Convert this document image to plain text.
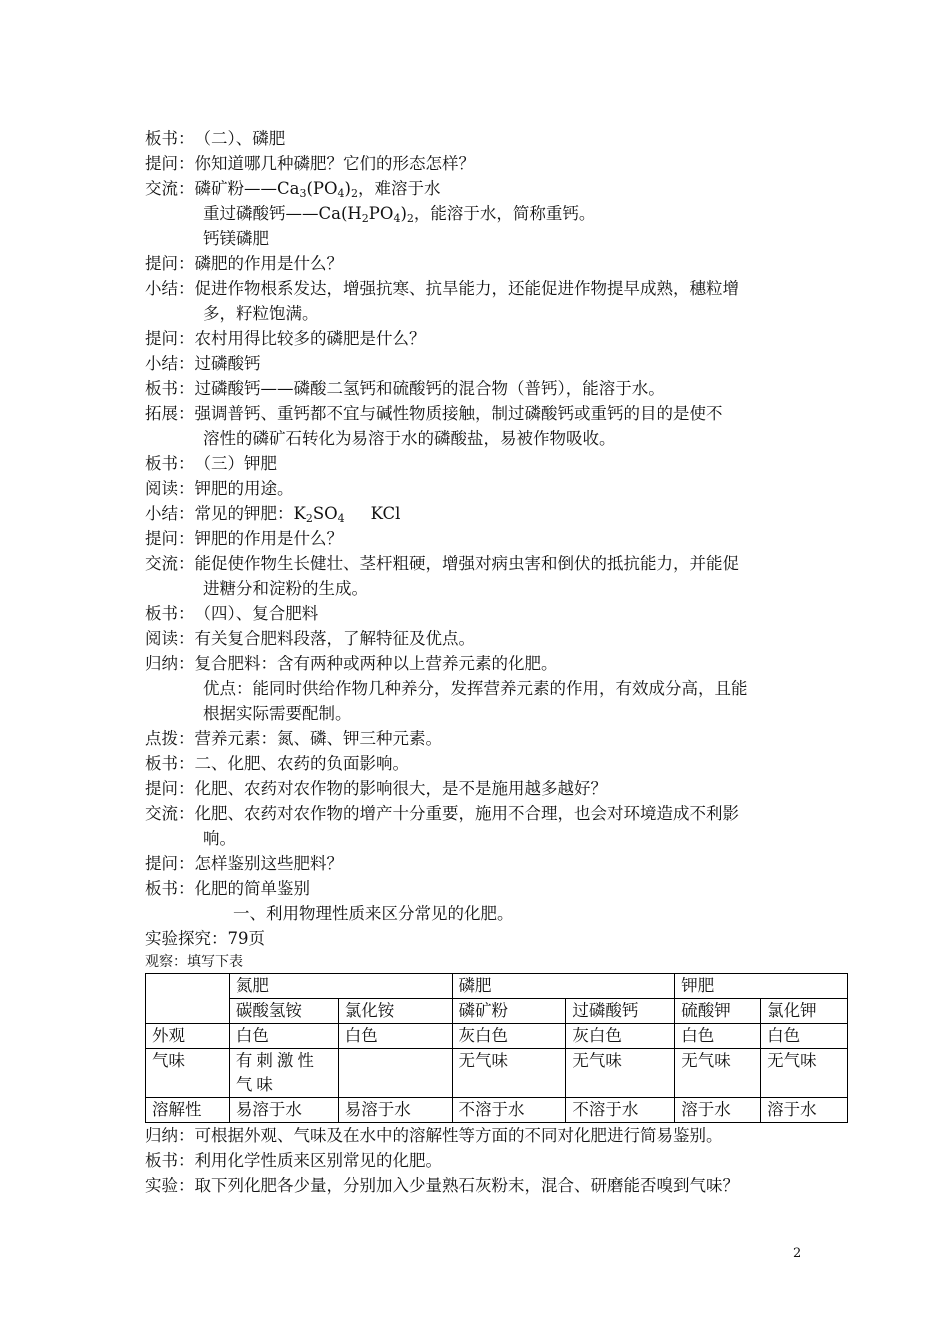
板书： （二）、磷肥
提问： 你知道哪几种磷肥？它们的形态怎样？
交流： 磷矿粉$——Ca_3(PO_4)_2$，难溶于水
重过磷酸钙$——Ca(H_2PO_4)_2$，能溶于水，简称重钙。
钙镁磷肥
提问： 磷肥的作用是什么？
小结： 促进作物根系发达，增强抗寒、抗旱能力，还能促进作物提早成熟，穗粒增
多，籽粒饱满。
提问： 农村用得比较多的磷肥是什么？
小结： 过磷酸钙
板书： 过磷酸钙——磷酸二氢钙和硫酸钙的混合物（普钙），能溶于水。
拓展： 强调普钙、重钙都不宜与碱性物质接触，制过磷酸钙或重钙的目的是使不
溶性的磷矿石转化为易溶于水的磷酸盐，易被作物吸收。
板书： （三）钾肥
阅读： 钾肥的用途。
小结： 常见的钾肥：$K_2SO_4$ KCl
提问： 钾肥的作用是什么？
交流： 能促使作物生长健壮、茎杆粗硬，增强对病虫害和倒伏的抵抗能力，并能促
进糖分和淀粉的生成。
板书： （四）、复合肥料
阅读： 有关复合肥料段落，了解特征及优点。
归纳： 复合肥料：含有两种或两种以上营养元素的化肥。
优点：能同时供给作物几种养分，发挥营养元素的作用，有效成分高，且能
根据实际需要配制。
点拨： 营养元素：氮、磷、钾三种元素。
板书： 二、化肥、农药的负面影响。
提问： 化肥、农药对农作物的影响很大，是不是施用越多越好？
交流： 化肥、农药对农作物的增产十分重要，施用不合理，也会对环境造成不利影
响。
提问： 怎样鉴别这些肥料？
板书： 化肥的简单鉴别
一、利用物理性质来区分常见的化肥。
实验探究：79页
观察：填写下表
	氮肥		磷肥		钾肥	
	碳酸氢铵	氯化铵	磷矿粉	过磷酸钙	硫酸钾	氯化钾
外观	白色	白色	灰白色	灰白色	白色	白色
气味	有刺激性气味		无气味	无气味	无气味	无气味
溶解性	易溶于水	易溶于水	不溶于水	不溶于水	溶于水	溶于水
归纳： 可根据外观、气味及在水中的溶解性等方面的不同对化肥进行简易鉴别。
板书： 利用化学性质来区别常见的化肥。
实验： 取下列化肥各少量，分别加入少量熟石灰粉末，混合、研磨能否嗅到气味？
2
